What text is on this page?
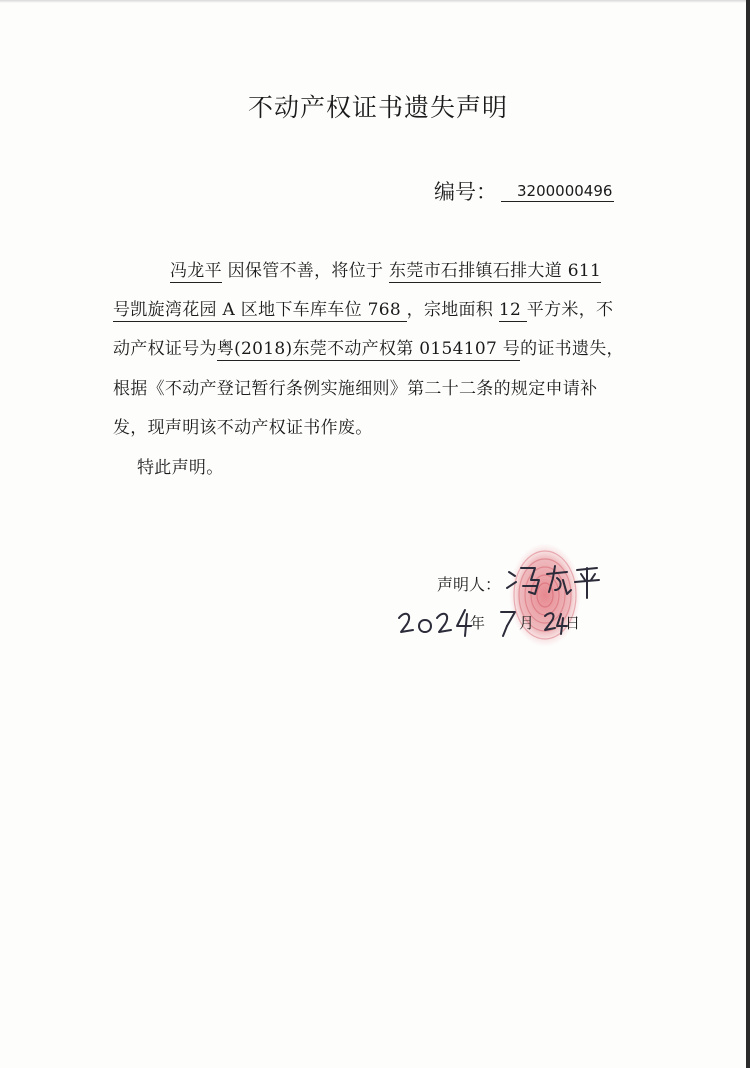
不动产权证书遗失声明
编号： 3200000496
冯龙平 因保管不善，将位于 东莞市石排镇石排大道 611
号凯旋湾花园 A 区地下车库车位 768 ，宗地面积 12 平方米，不
动产权证号为粤(2018)东莞不动产权第 0154107 号的证书遗失，
根据《不动产登记暂行条例实施细则》第二十二条的规定申请补
发，现声明该不动产权证书作废。
特此声明。
声明人：
年 月 日
